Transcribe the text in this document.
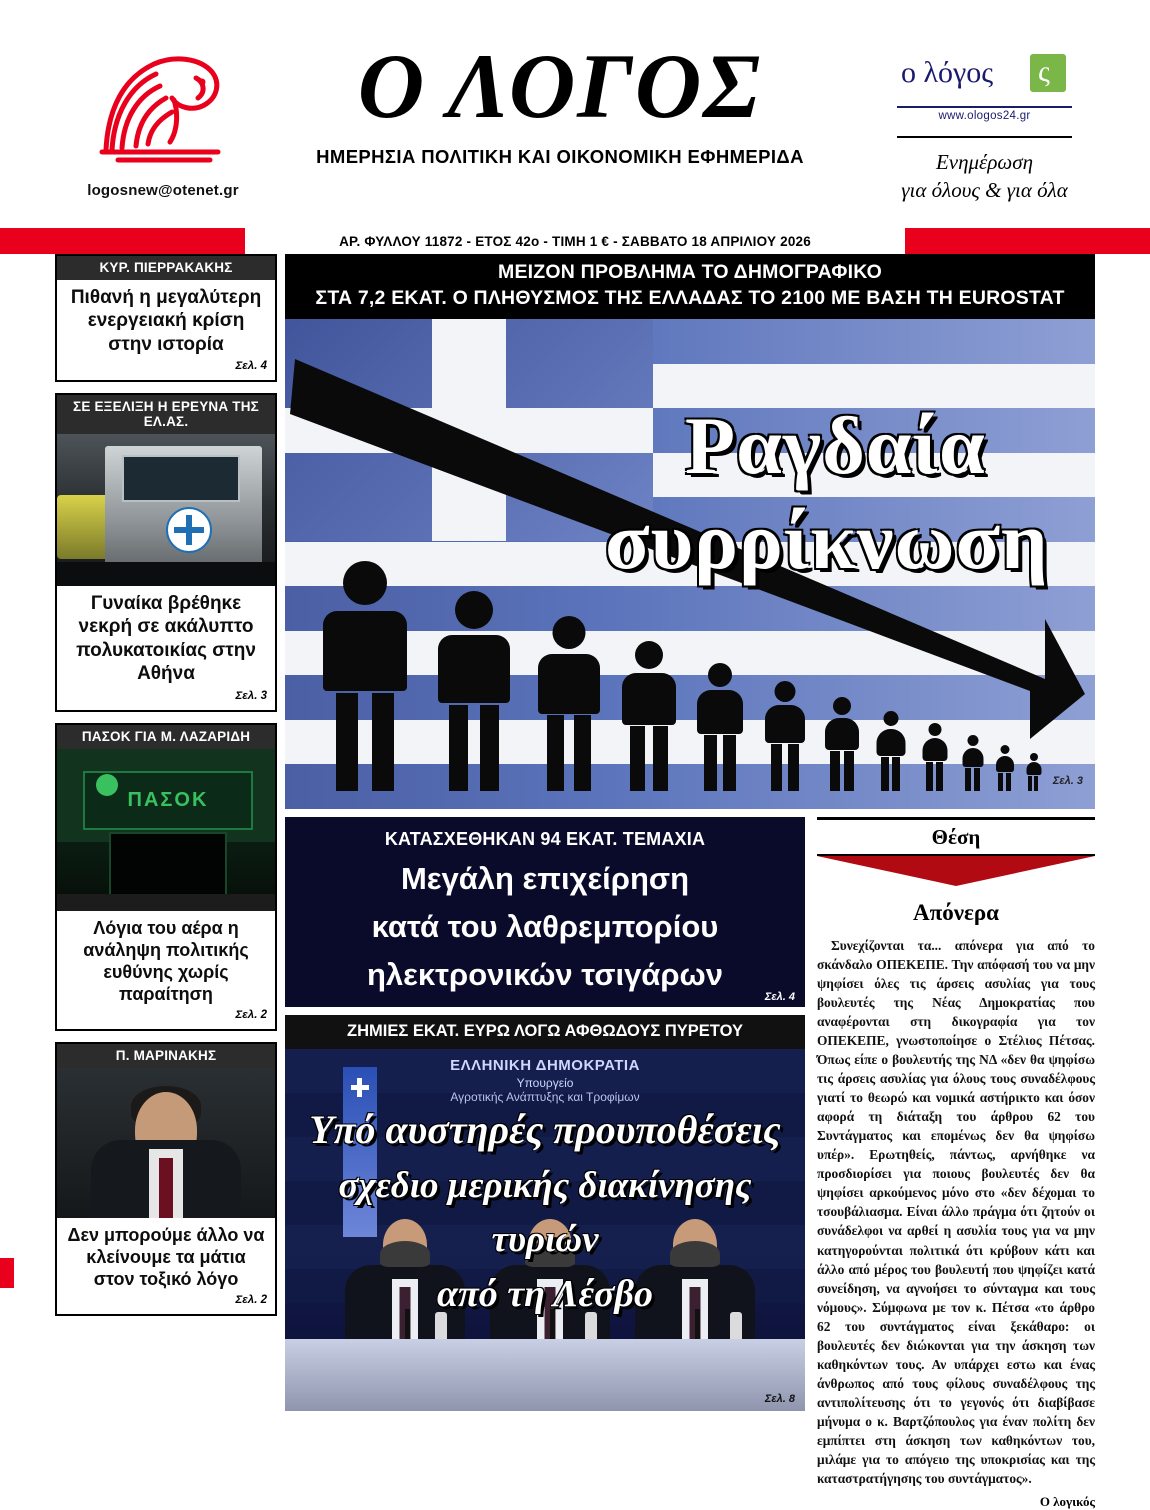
logosnew@otenet.gr
Ο ΛΟΓΟΣ
ΗΜΕΡΗΣΙΑ ΠΟΛΙΤΙΚΗ ΚΑΙ ΟΙΚΟΝΟΜΙΚΗ ΕΦΗΜΕΡΙΔΑ
ο λόγος ς
www.ologos24.gr
Ενημέρωση
για όλους & για όλα
ΑΡ. ΦΥΛΛΟΥ 11872 - ΕΤΟΣ 42ο - ΤΙΜΗ 1 € - ΣΑΒΒΑΤΟ 18 ΑΠΡΙΛΙΟΥ 2026
ΚΥΡ. ΠΙΕΡΡΑΚΑΚΗΣ
Πιθανή η μεγαλύτερη ενεργειακή κρίση στην ιστορία
Σελ. 4
ΣΕ ΕΞΕΛΙΞΗ Η ΕΡΕΥΝΑ ΤΗΣ ΕΛ.ΑΣ.
Γυναίκα βρέθηκε νεκρή σε ακάλυπτο πολυκατοικίας στην Αθήνα
Σελ. 3
ΠΑΣΟΚ ΓΙΑ Μ. ΛΑΖΑΡΙΔΗ
ΠΑΣΟΚ
Λόγια του αέρα η ανάληψη πολιτικής ευθύνης χωρίς παραίτηση
Σελ. 2
Π. ΜΑΡΙΝΑΚΗΣ
Δεν μπορούμε άλλο να κλείνουμε τα μάτια στον τοξικό λόγο
Σελ. 2
ΜΕΙΖΟΝ ΠΡΟΒΛΗΜΑ ΤΟ ΔΗΜΟΓΡΑΦΙΚΟ
ΣΤΑ 7,2 ΕΚΑΤ. Ο ΠΛΗΘΥΣΜΟΣ ΤΗΣ ΕΛΛΑΔΑΣ ΤΟ 2100 ΜΕ ΒΑΣΗ ΤΗ EUROSTAT
Ραγδαία
συρρίκνωση
Σελ. 3
ΚΑΤΑΣΧΕΘΗΚΑΝ 94 ΕΚΑΤ. ΤΕΜΑΧΙΑ
Μεγάλη επιχείρηση
κατά του λαθρεμπορίου
ηλεκτρονικών τσιγάρων
Σελ. 4
ΖΗΜΙΕΣ ΕΚΑΤ. ΕΥΡΩ ΛΟΓΩ ΑΦΘΩΔΟΥΣ ΠΥΡΕΤΟΥ
ΕΛΛΗΝΙΚΗ ΔΗΜΟΚΡΑΤΙΑ
Υπουργείο
Αγροτικής Ανάπτυξης και Τροφίμων
Υπό αυστηρές προυποθέσεις
σχεδιο μερικής διακίνησης τυριών
από τη Λέσβο
Σελ. 8
Θέση
Απόνερα

Συνεχίζονται τα... απόνερα για από το σκάνδαλο ΟΠΕΚΕΠΕ. Την απόφασή του να μην ψηφίσει όλες τις άρσεις ασυλίας για τους βουλευτές της Νέας Δημοκρατίας που αναφέρονται στη δικογραφία για τον ΟΠΕΚΕΠΕ, γνωστοποίησε ο Στέλιος Πέτσας. Όπως είπε ο βουλευτής της ΝΔ «δεν θα ψηφίσω τις άρσεις ασυλίας για όλους τους συναδέλφους γιατί το θεωρώ και νομικά αστήρικτο και όσον αφορά τη διάταξη του άρθρου 62 του Συντάγματος και επομένως δεν θα ψηφίσω υπέρ». Ερωτηθείς, πάντως, αρνήθηκε να προσδιορίσει για ποιους βουλευτές δεν θα ψηφίσει αρκούμενος μόνο στο «δεν δέχομαι το τσουβάλιασμα. Είναι άλλο πράγμα ότι ζητούν οι συνάδελφοι να αρθεί η ασυλία τους για να μην κατηγορούνται πολιτικά ότι κρύβουν κάτι και άλλο από μέρος του βουλευτή που ψηφίζει κατά συνείδηση, να αγνοήσει το σύνταγμα και τους νόμους». Σύμφωνα με τον κ. Πέτσα «το άρθρο 62 του συντάγματος είναι ξεκάθαρο: οι βουλευτές δεν διώκονται για την άσκηση των καθηκόντων τους. Αν υπάρχει εστω και ένας άνθρωπος από τους φίλους συναδέλφους της αντιπολίτευσης ότι το γεγονός ότι διαβίβασε μήνυμα ο κ. Βαρτζόπουλος για έναν πολίτη δεν εμπίπτει στη άσκηση των καθηκόντων του, μιλάμε για το απόγειο της υποκρισίας και της καταστρατήγησης του συντάγματος».

Ο λογικός
